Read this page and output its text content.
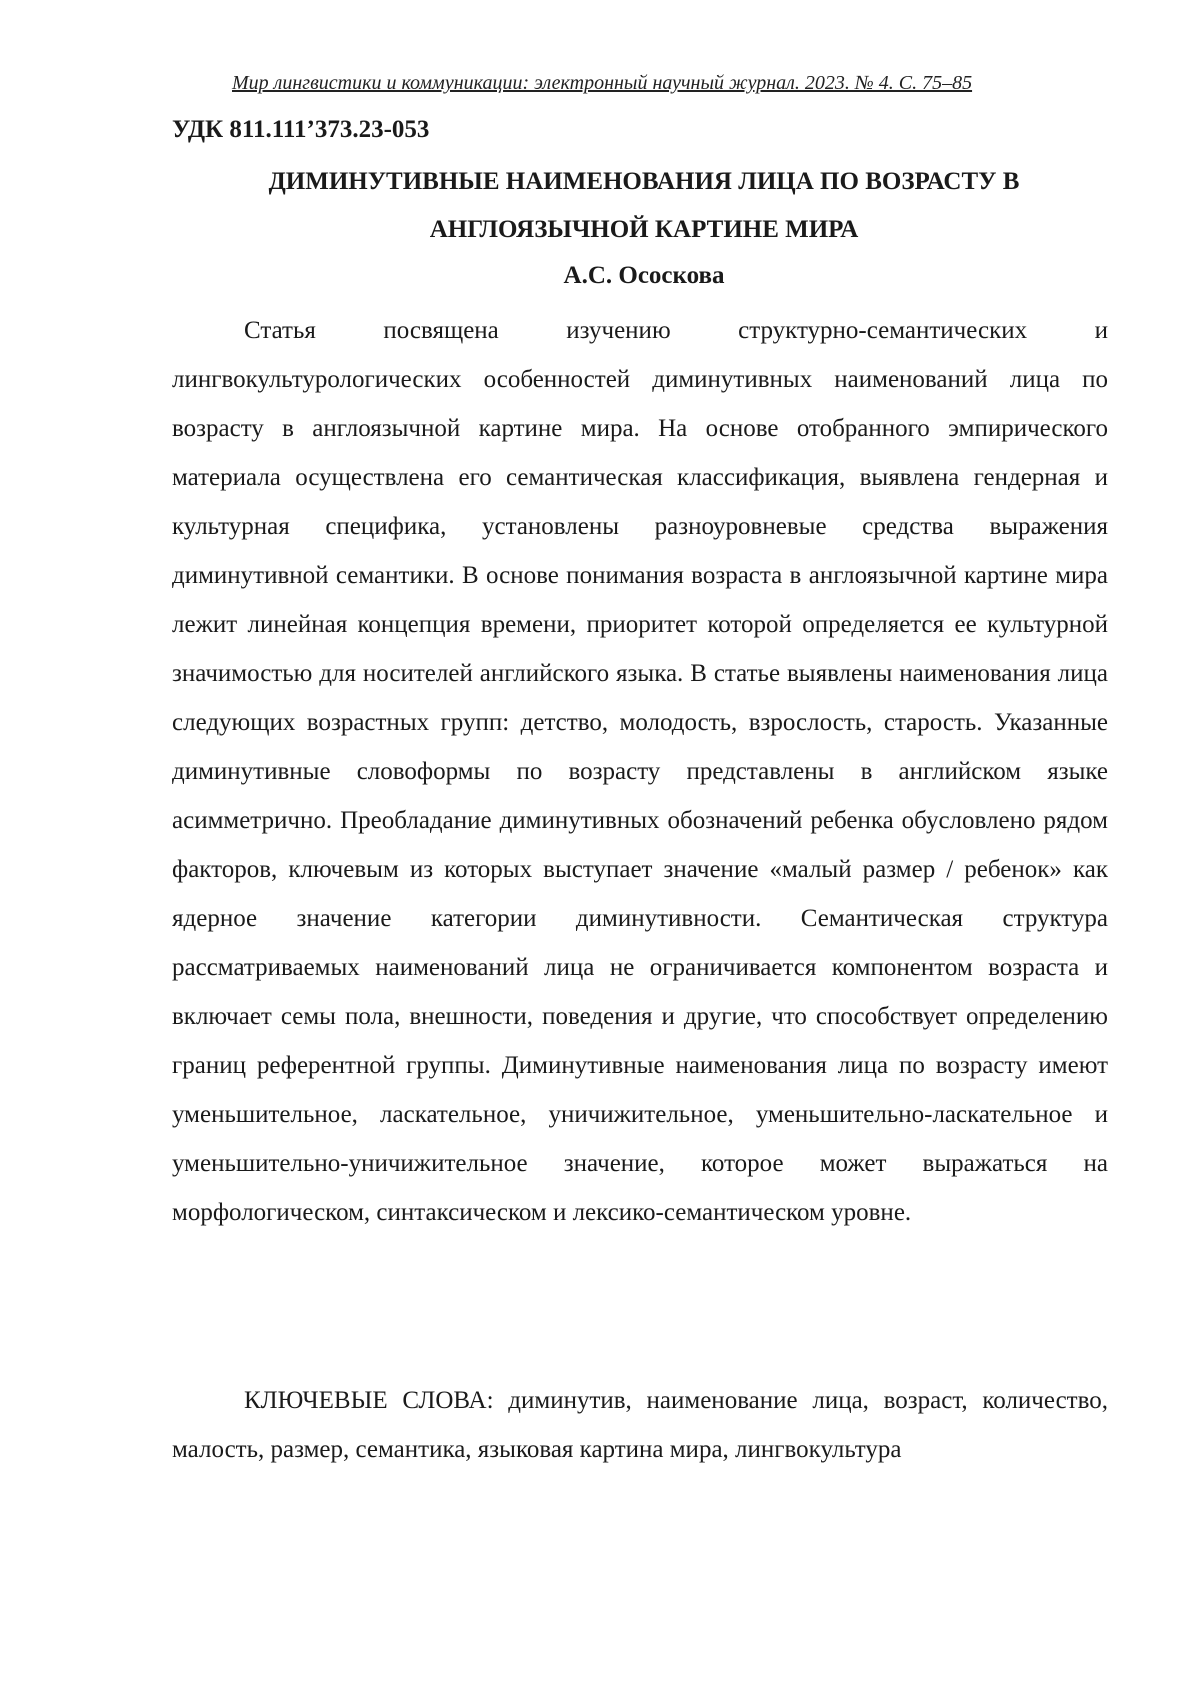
Мир лингвистики и коммуникации: электронный научный журнал. 2023. № 4. С. 75–85
УДК 811.111’373.23-053
ДИМИНУТИВНЫЕ НАИМЕНОВАНИЯ ЛИЦА ПО ВОЗРАСТУ В АНГЛОЯЗЫЧНОЙ КАРТИНЕ МИРА

А.С. Ососкова

Статья посвящена изучению структурно-семантических и лингвокультурологических особенностей диминутивных наименований лица по возрасту в англоязычной картине мира. На основе отобранного эмпирического материала осуществлена его семантическая классификация, выявлена гендерная и культурная специфика, установлены разноуровневые средства выражения диминутивной семантики. В основе понимания возраста в англоязычной картине мира лежит линейная концепция времени, приоритет которой определяется ее культурной значимостью для носителей английского языка. В статье выявлены наименования лица следующих возрастных групп: детство, молодость, взрослость, старость. Указанные диминутивные словоформы по возрасту представлены в английском языке асимметрично. Преобладание диминутивных обозначений ребенка обусловлено рядом факторов, ключевым из которых выступает значение «малый размер / ребенок» как ядерное значение категории диминутивности. Семантическая структура рассматриваемых наименований лица не ограничивается компонентом возраста и включает семы пола, внешности, поведения и другие, что способствует определению границ референтной группы. Диминутивные наименования лица по возрасту имеют уменьшительное, ласкательное, уничижительное, уменьшительно-ласкательное и уменьшительно-уничижительное значение, которое может выражаться на морфологическом, синтаксическом и лексико-семантическом уровне.

КЛЮЧЕВЫЕ СЛОВА: диминутив, наименование лица, возраст, количество, малость, размер, семантика, языковая картина мира, лингвокультура
